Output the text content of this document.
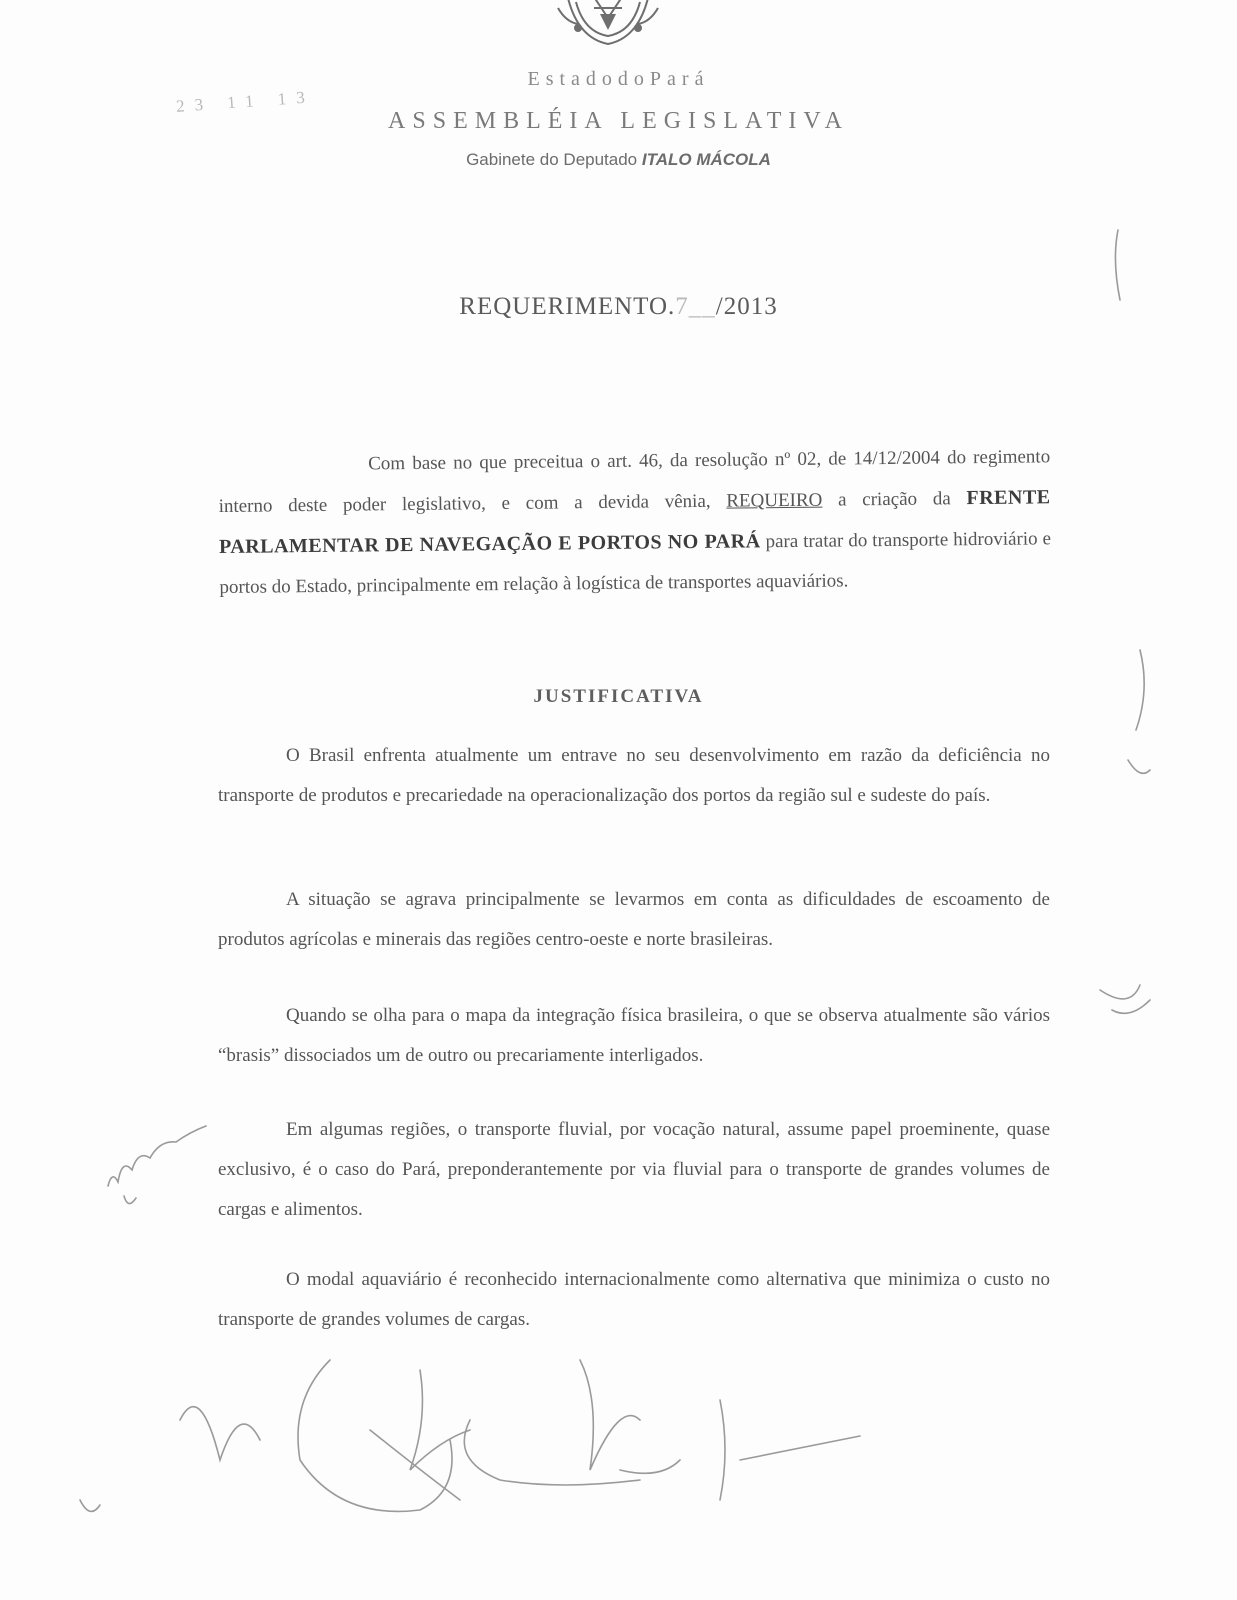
EstadodoPará
ASSEMBLÉIA LEGISLATIVA
Gabinete do Deputado ITALO MÁCOLA
23 11 13
REQUERIMENTO.7__/2013
Com base no que preceitua o art. 46, da resolução nº 02, de 14/12/2004 do regimento interno deste poder legislativo, e com a devida vênia, REQUEIRO a criação da FRENTE PARLAMENTAR DE NAVEGAÇÃO E PORTOS NO PARÁ para tratar do transporte hidroviário e portos do Estado, principalmente em relação à logística de transportes aquaviários.
JUSTIFICATIVA
O Brasil enfrenta atualmente um entrave no seu desenvolvimento em razão da deficiência no transporte de produtos e precariedade na operacionalização dos portos da região sul e sudeste do país.
A situação se agrava principalmente se levarmos em conta as dificuldades de escoamento de produtos agrícolas e minerais das regiões centro-oeste e norte brasileiras.
Quando se olha para o mapa da integração física brasileira, o que se observa atualmente são vários “brasis” dissociados um de outro ou precariamente interligados.
Em algumas regiões, o transporte fluvial, por vocação natural, assume papel proeminente, quase exclusivo, é o caso do Pará, preponderantemente por via fluvial para o transporte de grandes volumes de cargas e alimentos.
O modal aquaviário é reconhecido internacionalmente como alternativa que minimiza o custo no transporte de grandes volumes de cargas.
